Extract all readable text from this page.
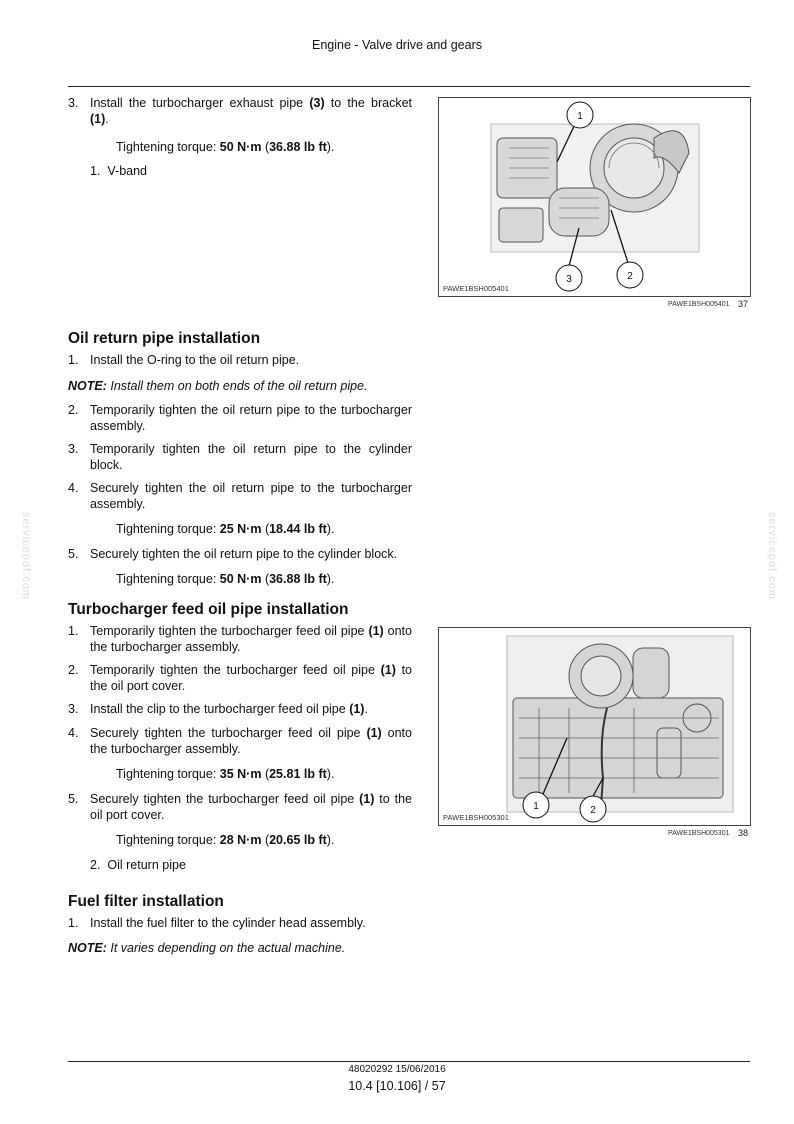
Engine - Valve drive and gears
servicepdf.com	servicepdf.com

3. Install the turbocharger exhaust pipe (3) to the bracket (1).

Tightening torque: 50 N·m (36.88 lb ft).

1. V-band

1
2
3
PAWE1BSH005401
PAWE1BSH005401 37
Oil return pipe installation

1. Install the O-ring to the oil return pipe.

NOTE: Install them on both ends of the oil return pipe.

2. Temporarily tighten the oil return pipe to the turbocharger assembly.

3. Temporarily tighten the oil return pipe to the cylinder block.

4. Securely tighten the oil return pipe to the turbocharger assembly.

Tightening torque: 25 N·m (18.44 lb ft).

5. Securely tighten the oil return pipe to the cylinder block.

Tightening torque: 50 N·m (36.88 lb ft).

Turbocharger feed oil pipe installation

1. Temporarily tighten the turbocharger feed oil pipe (1) onto the turbocharger assembly.

2. Temporarily tighten the turbocharger feed oil pipe (1) to the oil port cover.

3. Install the clip to the turbocharger feed oil pipe (1).

4. Securely tighten the turbocharger feed oil pipe (1) onto the turbocharger assembly.

Tightening torque: 35 N·m (25.81 lb ft).

5. Securely tighten the turbocharger feed oil pipe (1) to the oil port cover.

Tightening torque: 28 N·m (20.65 lb ft).

2. Oil return pipe

1	2
PAWE1BSH005301
PAWE1BSH005301 38
Fuel filter installation

1. Install the fuel filter to the cylinder head assembly.

NOTE: It varies depending on the actual machine.

48020292 15/06/2016
10.4 [10.106] / 57
